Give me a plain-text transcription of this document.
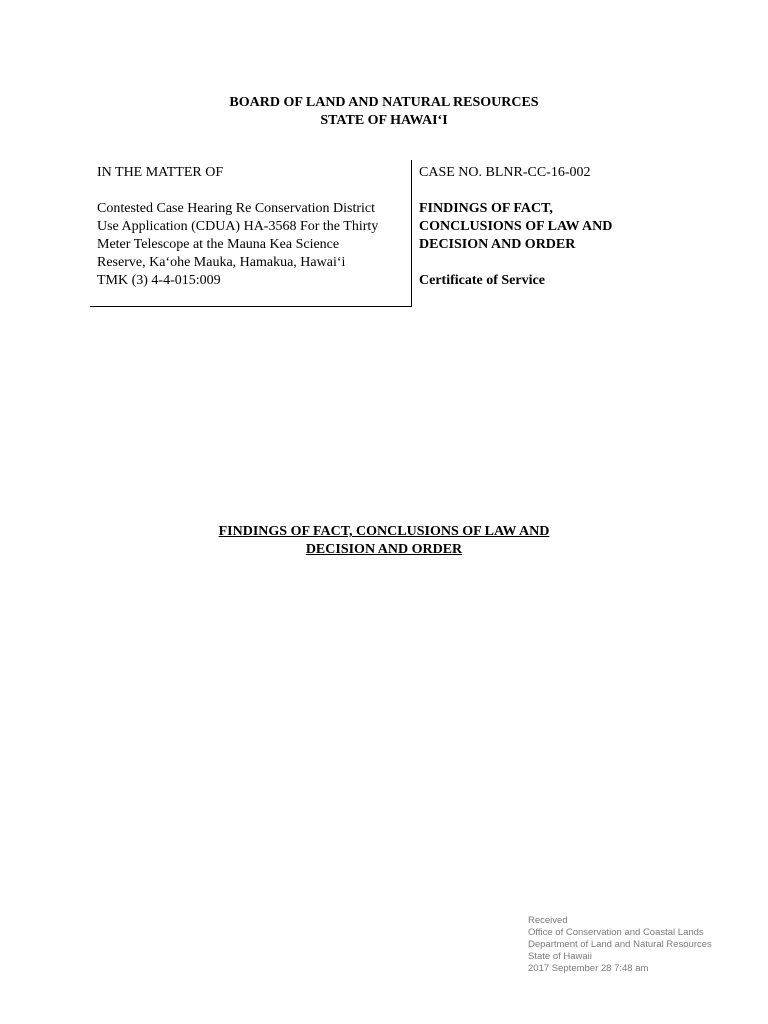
BOARD OF LAND AND NATURAL RESOURCES
STATE OF HAWAIʻI
IN THE MATTER OF
Contested Case Hearing Re Conservation District
Use Application (CDUA) HA-3568 For the Thirty
Meter Telescope at the Mauna Kea Science
Reserve, Kaʻohe Mauka, Hamakua, Hawaiʻi
TMK (3) 4-4-015:009
CASE NO. BLNR-CC-16-002
FINDINGS OF FACT,
CONCLUSIONS OF LAW AND
DECISION AND ORDER
Certificate of Service
FINDINGS OF FACT, CONCLUSIONS OF LAW AND
DECISION AND ORDER
Received
Office of Conservation and Coastal Lands
Department of Land and Natural Resources
State of Hawaii
2017 September 28 7:48 am
